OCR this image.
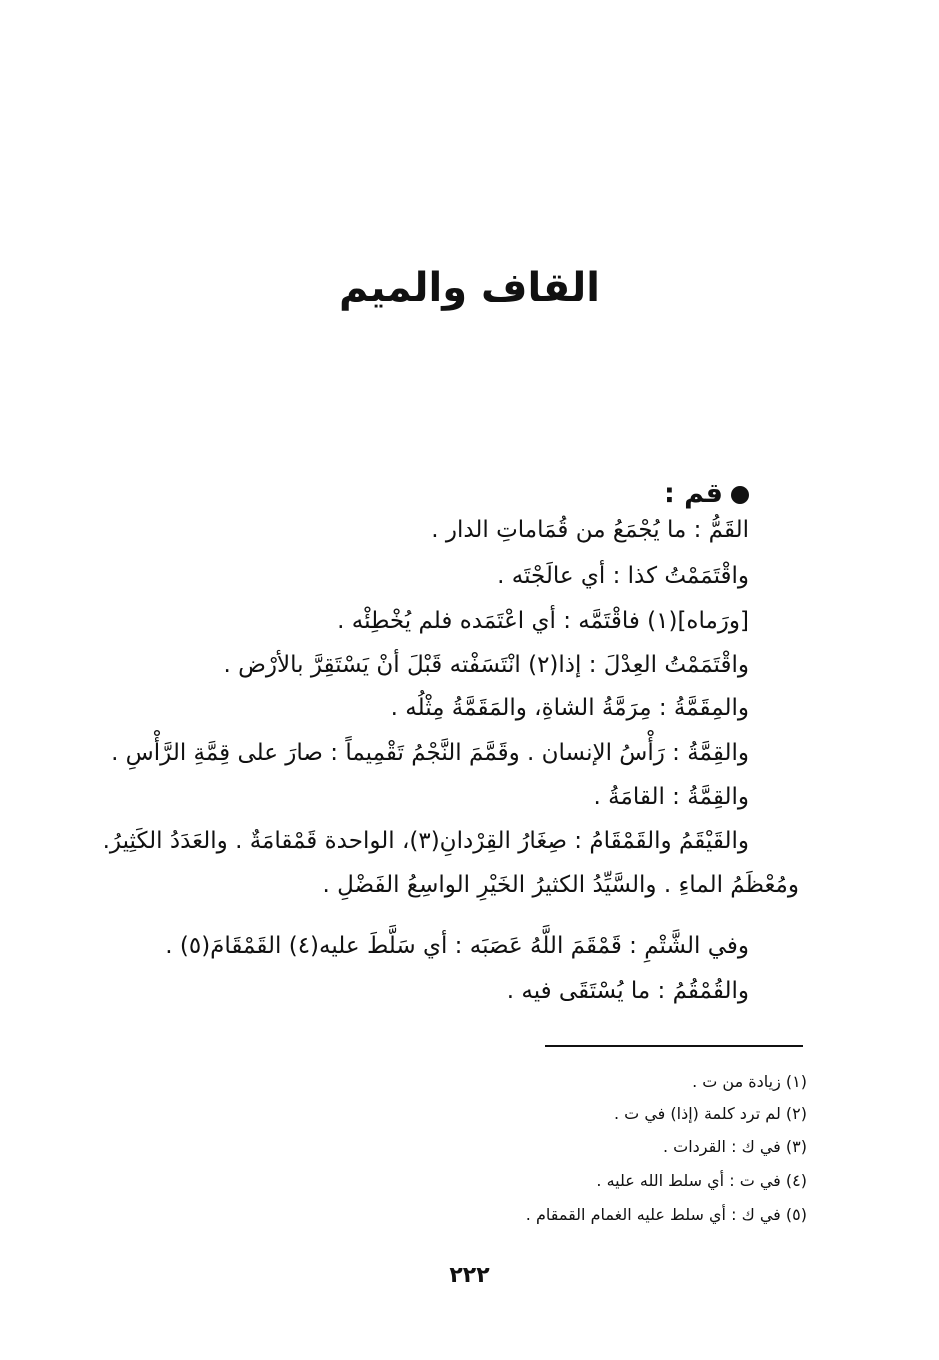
القاف والميم
قم :
القَمُّ : ما يُجْمَعُ من قُمَاماتِ الدار .
واقْتَمَمْتُ كذا : أي عالَجْتَه .
[ورَماه](١) فاقْتَمَّه : أي اعْتَمَده فلم يُخْطِئْه .
واقْتَمَمْتُ العِدْلَ : إذا(٢) انْتَسَفْته قَبْلَ أنْ يَسْتَقِرَّ بالأرْض .
والمِقَمَّةُ : مِرَمَّةُ الشاةِ، والمَقَمَّةُ مِثْلُه .
والقِمَّةُ : رَأْسُ الإنسان . وقَمَّمَ النَّجْمُ تَقْمِيماً : صارَ على قِمَّةِ الرَّأْسِ .
والقِمَّةُ : القامَةُ .
والقَيْقَمُ والقَمْقَامُ : صِغَارُ القِرْدانِ(٣)، الواحدة قَمْقامَةٌ . والعَدَدُ الكَثِيرُ.
ومُعْظَمُ الماءِ . والسَّيِّدُ الكثيرُ الخَيْرِ الواسِعُ الفَضْلِ .
وفي الشَّتْمِ : قَمْقَمَ اللَّهُ عَصَبَه : أي سَلَّطَ عليه(٤) القَمْقَامَ(٥) .
والقُمْقُمُ : ما يُسْتَقَى فيه .
(١) زيادة من ت .
(٢) لم ترد كلمة (إذا) في ت .
(٣) في ك : القردات .
(٤) في ت : أي سلط الله عليه .
(٥) في ك : أي سلط عليه الغمام القمقام .
٢٢٢
